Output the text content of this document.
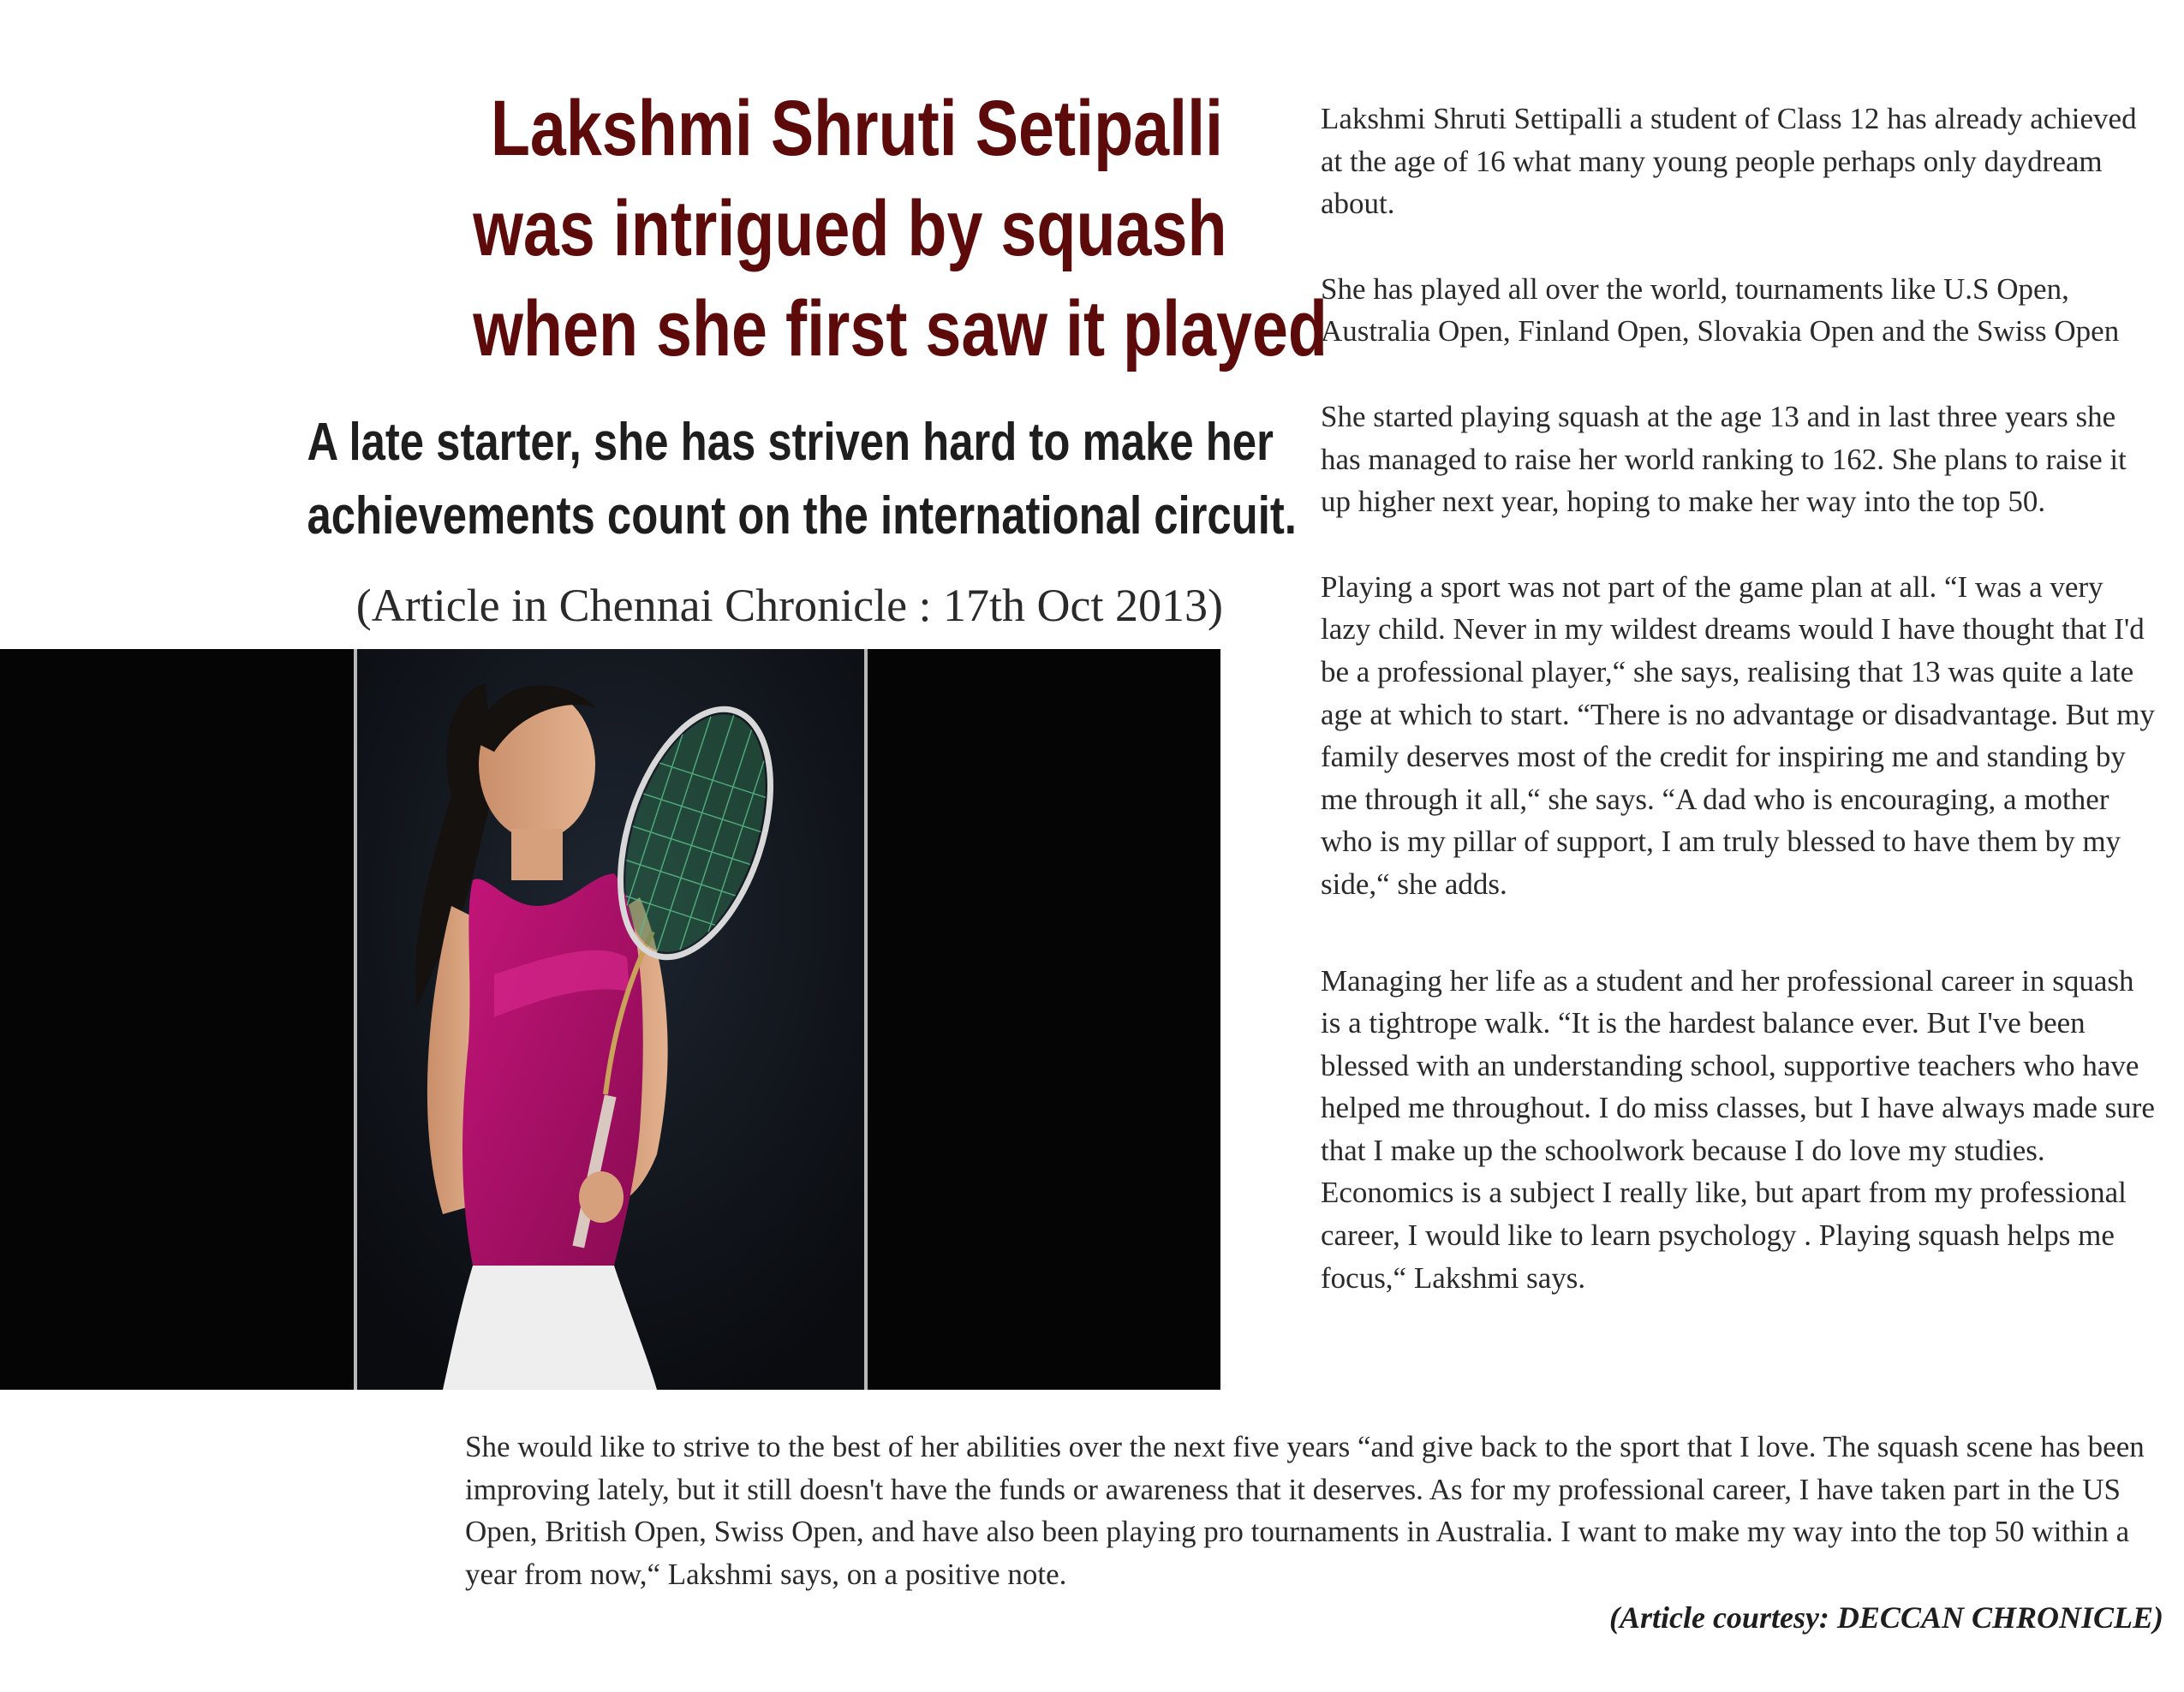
Lakshmi Shruti Setipalli
was intrigued by squash
when she first saw it played
A late starter, she has striven hard to make her
achievements count on the international circuit.
(Article in Chennai Chronicle : 17th Oct 2013)

Lakshmi Shruti Settipalli a student of Class 12 has already achieved at the age of 16 what many young people perhaps only daydream about.

She has played all over the world, tournaments like U.S Open, Australia Open, Finland Open, Slovakia Open and the Swiss Open

She started playing squash at the age 13 and in last three years she has managed to raise her world ranking to 162. She plans to raise it up higher next year, hoping to make her way into the top 50.

Playing a sport was not part of the game plan at all. “I was a very lazy child. Never in my wildest dreams would I have thought that I'd be a professional player,“ she says, realising that 13 was quite a late age at which to start. “There is no advantage or disadvantage. But my family deserves most of the credit for inspiring me and standing by me through it all,“ she says. “A dad who is encouraging, a mother who is my pillar of support, I am truly blessed to have them by my side,“ she adds.

Managing her life as a student and her professional career in squash is a tightrope walk. “It is the hardest balance ever. But I've been blessed with an understanding school, supportive teachers who have helped me throughout. I do miss classes, but I have always made sure that I make up the schoolwork because I do love my studies. Economics is a subject I really like, but apart from my professional career, I would like to learn psychology . Playing squash helps me focus,“ Lakshmi says.

She would like to strive to the best of her abilities over the next five years “and give back to the sport that I love. The squash scene has been improving lately, but it still doesn't have the funds or awareness that it deserves. As for my professional career, I have taken part in the US Open, British Open, Swiss Open, and have also been playing pro tournaments in Australia. I want to make my way into the top 50 within a year from now,“ Lakshmi says, on a positive note.

(Article courtesy: DECCAN CHRONICLE)
